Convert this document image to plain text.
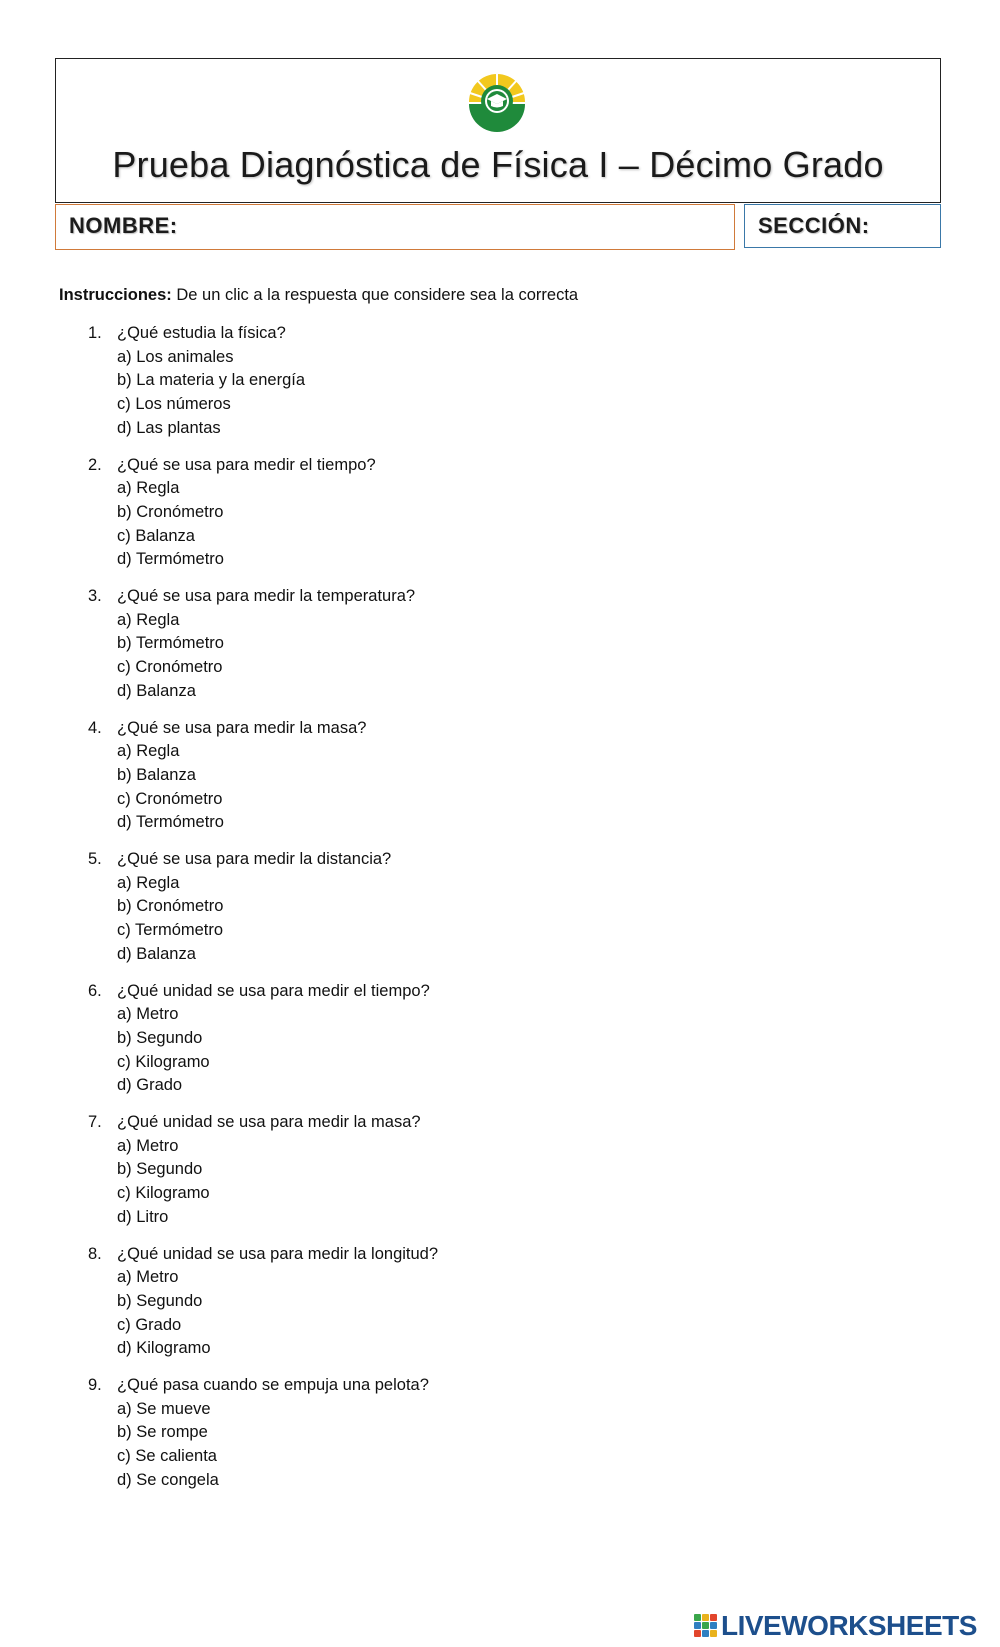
Prueba Diagnóstica de Física I – Décimo Grado
NOMBRE:	SECCIÓN:
Instrucciones: De un clic a la respuesta que considere sea la correcta
1. ¿Qué estudia la física?
a) Los animales
b) La materia y la energía
c) Los números
d) Las plantas
2. ¿Qué se usa para medir el tiempo?
a) Regla
b) Cronómetro
c) Balanza
d) Termómetro
3. ¿Qué se usa para medir la temperatura?
a) Regla
b) Termómetro
c) Cronómetro
d) Balanza
4. ¿Qué se usa para medir la masa?
a) Regla
b) Balanza
c) Cronómetro
d) Termómetro
5. ¿Qué se usa para medir la distancia?
a) Regla
b) Cronómetro
c) Termómetro
d) Balanza
6. ¿Qué unidad se usa para medir el tiempo?
a) Metro
b) Segundo
c) Kilogramo
d) Grado
7. ¿Qué unidad se usa para medir la masa?
a) Metro
b) Segundo
c) Kilogramo
d) Litro
8. ¿Qué unidad se usa para medir la longitud?
a) Metro
b) Segundo
c) Grado
d) Kilogramo
9. ¿Qué pasa cuando se empuja una pelota?
a) Se mueve
b) Se rompe
c) Se calienta
d) Se congela
LIVEWORKSHEETS
